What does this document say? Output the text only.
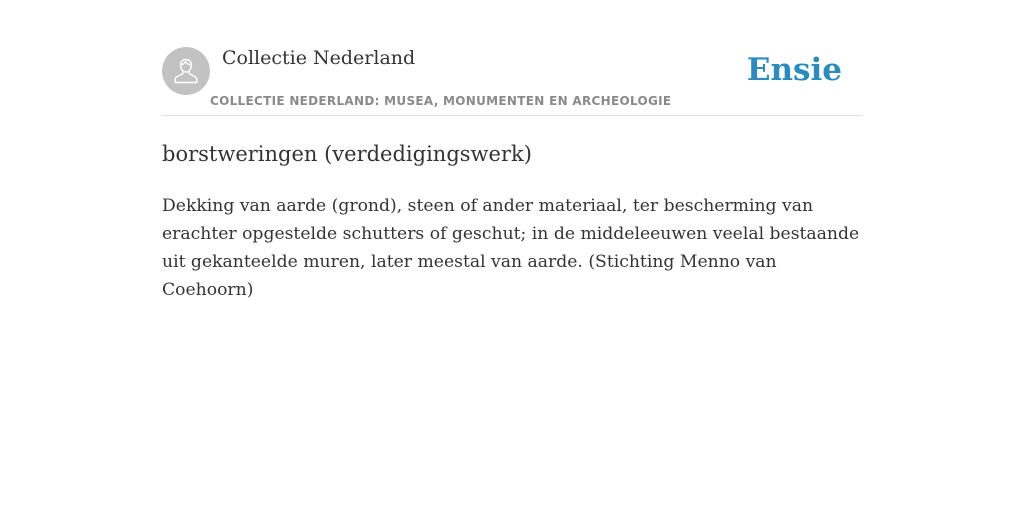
Collectie Nederland
COLLECTIE NEDERLAND: MUSEA, MONUMENTEN EN ARCHEOLOGIE
Ensie
borstweringen (verdedigingswerk)

Dekking van aarde (grond), steen of ander materiaal, ter bescherming van erachter opgestelde schutters of geschut; in de middeleeuwen veelal bestaande uit gekanteelde muren, later meestal van aarde. (Stichting Menno van Coehoorn)
